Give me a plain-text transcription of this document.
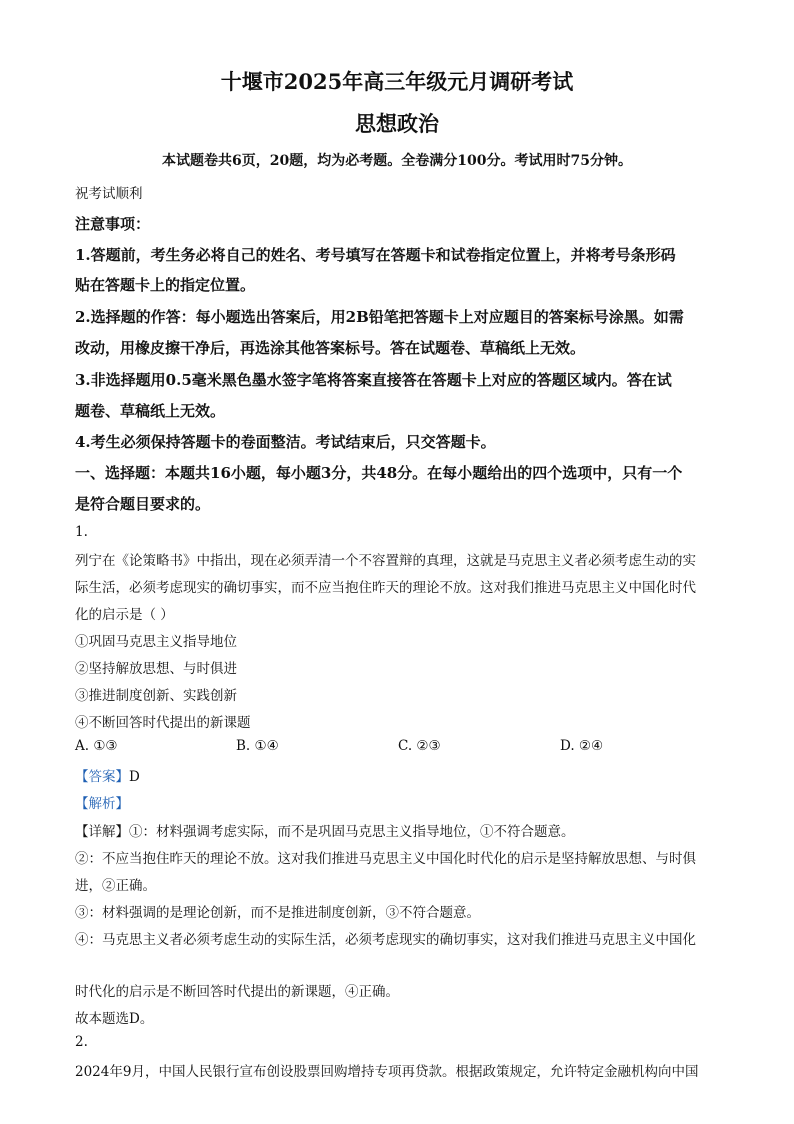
十堰市2025年高三年级元月调研考试
思想政治
本试题卷共6页，20题，均为必考题。全卷满分100分。考试用时75分钟。
祝考试顺利
注意事项：
1.答题前，考生务必将自己的姓名、考号填写在答题卡和试卷指定位置上，并将考号条形码
贴在答题卡上的指定位置。
2.选择题的作答：每小题选出答案后，用2B铅笔把答题卡上对应题目的答案标号涂黑。如需
改动，用橡皮擦干净后，再选涂其他答案标号。答在试题卷、草稿纸上无效。
3.非选择题用0.5毫米黑色墨水签字笔将答案直接答在答题卡上对应的答题区域内。答在试
题卷、草稿纸上无效。
4.考生必须保持答题卡的卷面整洁。考试结束后，只交答题卡。
一、选择题：本题共16小题，每小题3分，共48分。在每小题给出的四个选项中，只有一个
是符合题目要求的。
1.
列宁在《论策略书》中指出，现在必须弄清一个不容置辩的真理，这就是马克思主义者必须考虑生动的实
际生活，必须考虑现实的确切事实，而不应当抱住昨天的理论不放。这对我们推进马克思主义中国化时代
化的启示是（ ）
①巩固马克思主义指导地位
②坚持解放思想、与时俱进
③推进制度创新、实践创新
④不断回答时代提出的新课题
A. ①③	B. ①④	C. ②③	D. ②④
【答案】D
【解析】
【详解】①：材料强调考虑实际，而不是巩固马克思主义指导地位，①不符合题意。
②：不应当抱住昨天的理论不放。这对我们推进马克思主义中国化时代化的启示是坚持解放思想、与时俱
进，②正确。
③：材料强调的是理论创新，而不是推进制度创新，③不符合题意。
④：马克思主义者必须考虑生动的实际生活，必须考虑现实的确切事实，这对我们推进马克思主义中国化
时代化的启示是不断回答时代提出的新课题，④正确。
故本题选D。
2.
2024年9月，中国人民银行宣布创设股票回购增持专项再贷款。根据政策规定，允许特定金融机构向中国
